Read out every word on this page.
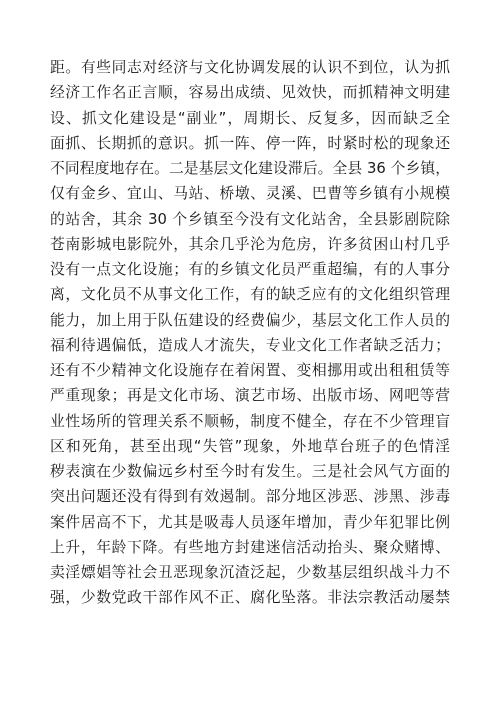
距。有些同志对经济与文化协调发展的认识不到位，认为抓
经济工作名正言顺，容易出成绩、见效快，而抓精神文明建
设、抓文化建设是“副业”，周期长、反复多，因而缺乏全
面抓、长期抓的意识。抓一阵、停一阵，时紧时松的现象还
不同程度地存在。二是基层文化建设滞后。全县 36 个乡镇，
仅有金乡、宜山、马站、桥墩、灵溪、巴曹等乡镇有小规模
的站舍，其余 30 个乡镇至今没有文化站舍，全县影剧院除
苍南影城电影院外，其余几乎沦为危房，许多贫困山村几乎
没有一点文化设施；有的乡镇文化员严重超编，有的人事分
离，文化员不从事文化工作，有的缺乏应有的文化组织管理
能力，加上用于队伍建设的经费偏少，基层文化工作人员的
福利待遇偏低，造成人才流失，专业文化工作者缺乏活力；
还有不少精神文化设施存在着闲置、变相挪用或出租租赁等
严重现象；再是文化市场、演艺市场、出版市场、网吧等营
业性场所的管理关系不顺畅，制度不健全，存在不少管理盲
区和死角，甚至出现“失管”现象，外地草台班子的色情淫
秽表演在少数偏远乡村至今时有发生。三是社会风气方面的
突出问题还没有得到有效遏制。部分地区涉恶、涉黑、涉毒
案件居高不下，尤其是吸毒人员逐年增加，青少年犯罪比例
上升，年龄下降。有些地方封建迷信活动抬头、聚众赌博、
卖淫嫖娼等社会丑恶现象沉渣泛起，少数基层组织战斗力不
强，少数党政干部作风不正、腐化坠落。非法宗教活动屡禁
